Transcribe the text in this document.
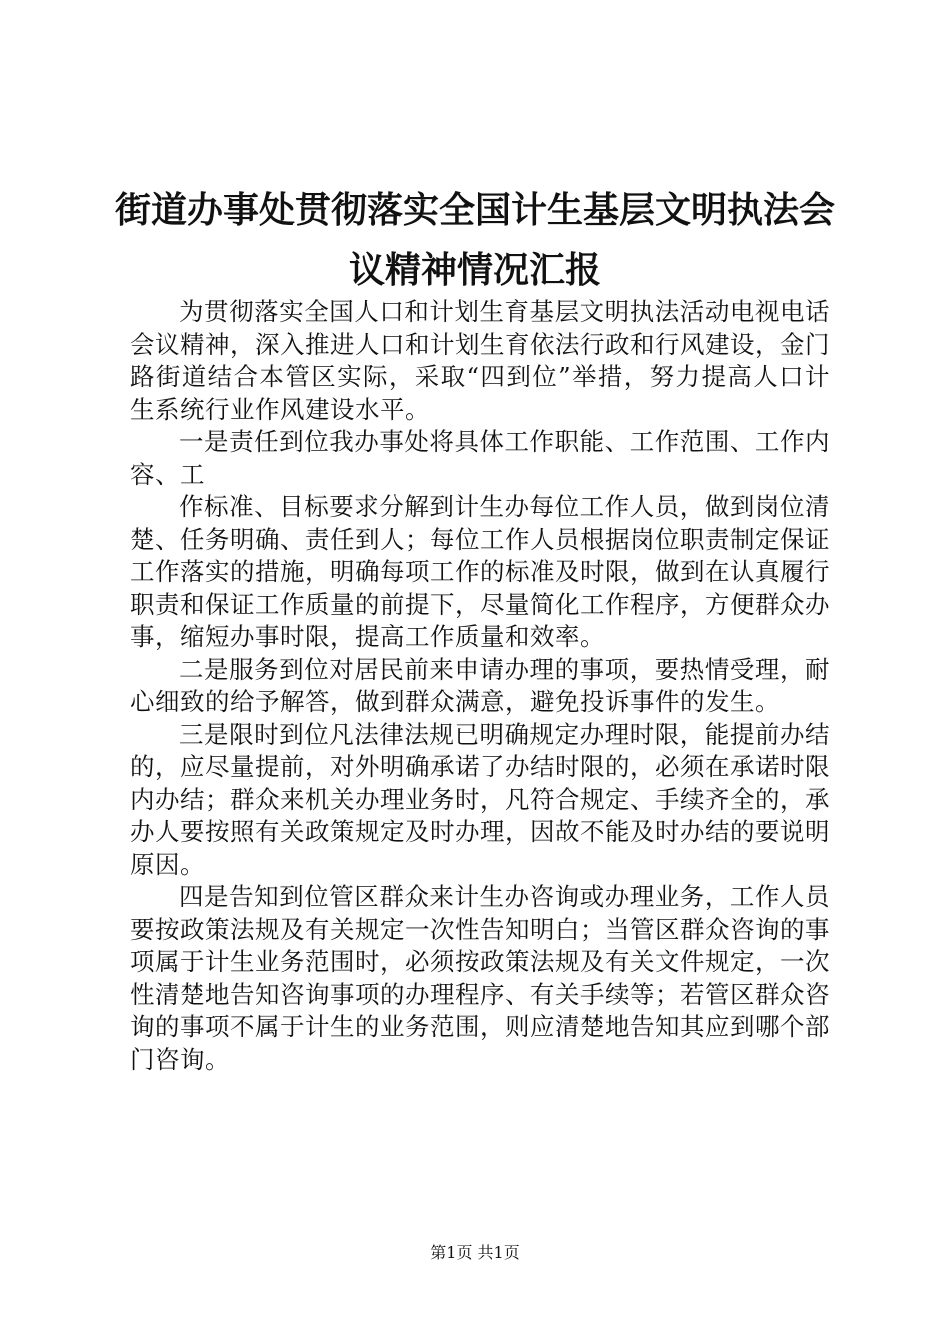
街道办事处贯彻落实全国计生基层文明执法会
议精神情况汇报

为贯彻落实全国人口和计划生育基层文明执法活动电视电话会议精神，深入推进人口和计划生育依法行政和行风建设，金门路街道结合本管区实际，采取“四到位”举措，努力提高人口计生系统行业作风建设水平。

一是责任到位我办事处将具体工作职能、工作范围、工作内容、工

作标准、目标要求分解到计生办每位工作人员，做到岗位清楚、任务明确、责任到人；每位工作人员根据岗位职责制定保证工作落实的措施，明确每项工作的标准及时限，做到在认真履行职责和保证工作质量的前提下，尽量简化工作程序，方便群众办事，缩短办事时限，提高工作质量和效率。

二是服务到位对居民前来申请办理的事项，要热情受理，耐心细致的给予解答，做到群众满意，避免投诉事件的发生。

三是限时到位凡法律法规已明确规定办理时限，能提前办结的，应尽量提前，对外明确承诺了办结时限的，必须在承诺时限内办结；群众来机关办理业务时，凡符合规定、手续齐全的，承办人要按照有关政策规定及时办理，因故不能及时办结的要说明原因。

四是告知到位管区群众来计生办咨询或办理业务，工作人员要按政策法规及有关规定一次性告知明白；当管区群众咨询的事项属于计生业务范围时，必须按政策法规及有关文件规定，一次性清楚地告知咨询事项的办理程序、有关手续等；若管区群众咨询的事项不属于计生的业务范围，则应清楚地告知其应到哪个部门咨询。

第1页 共1页
